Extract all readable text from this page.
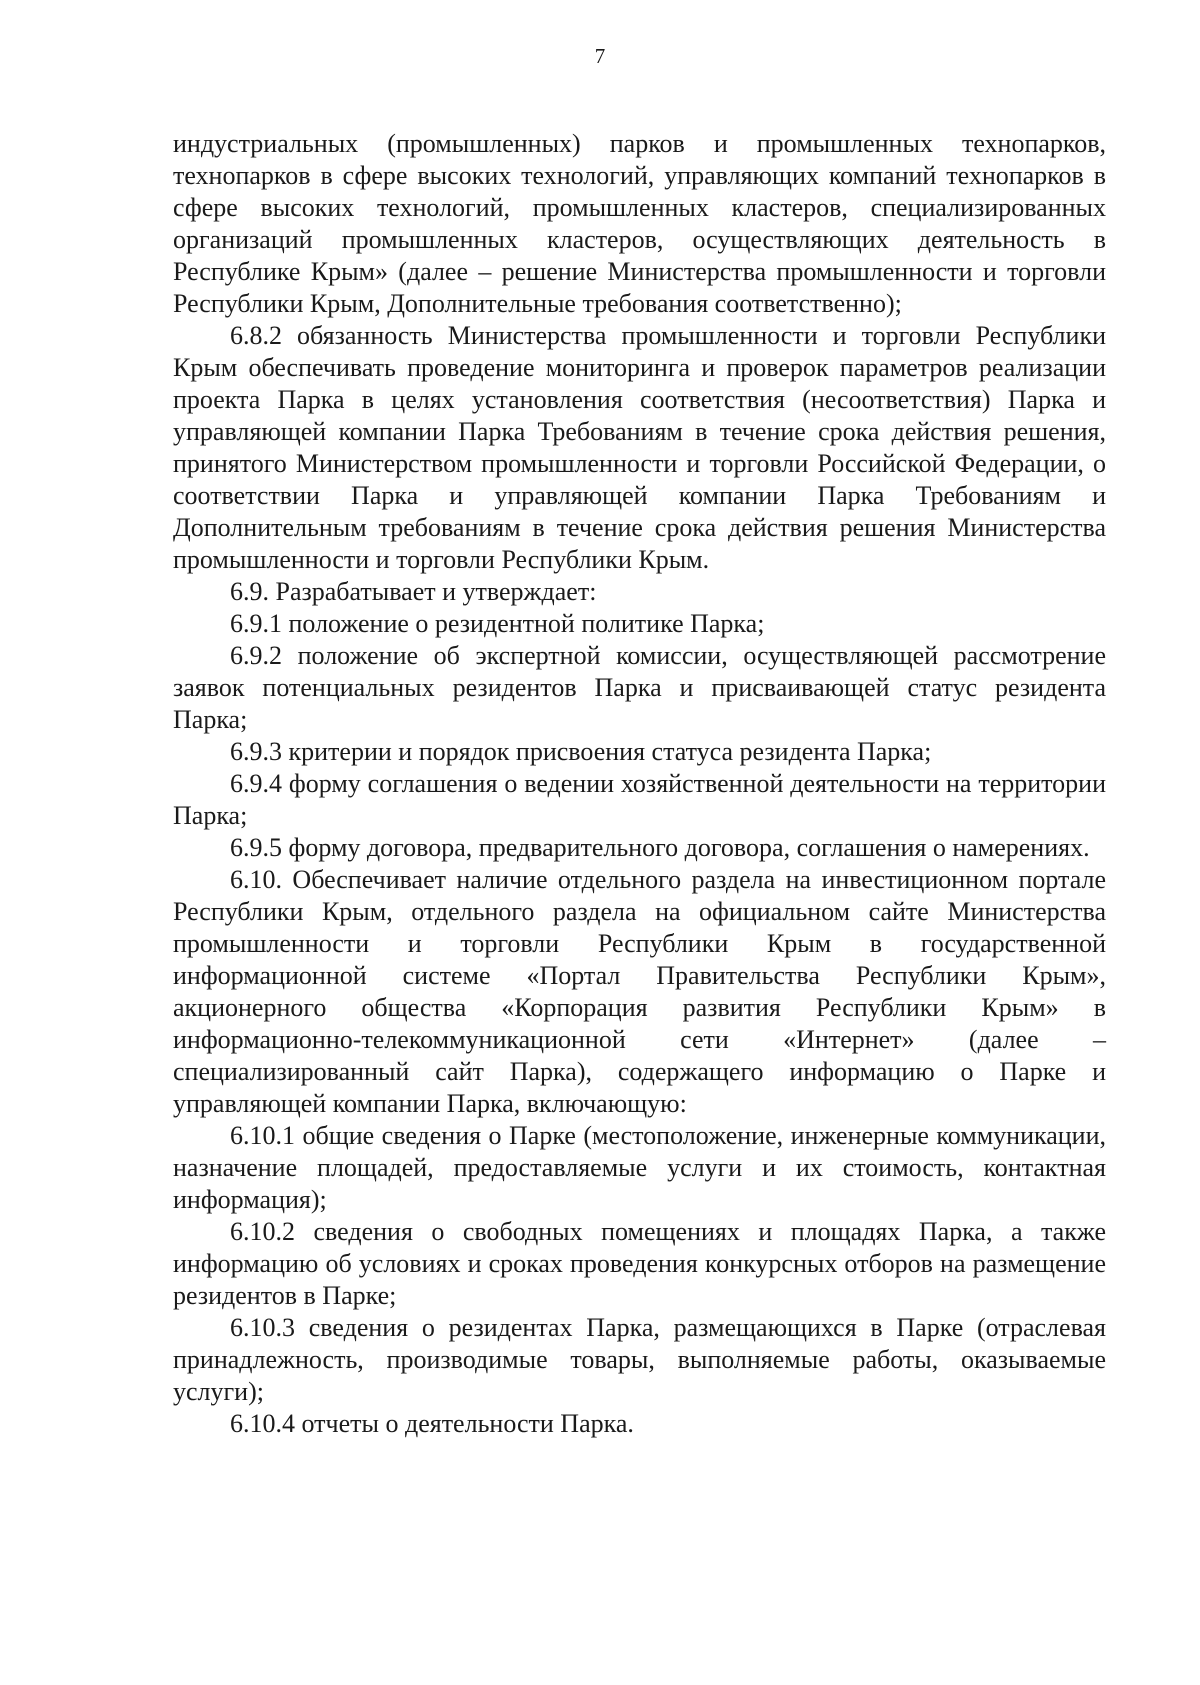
7

индустриальных (промышленных) парков и промышленных технопарков, технопарков в сфере высоких технологий, управляющих компаний технопарков в сфере высоких технологий, промышленных кластеров, специализированных организаций промышленных кластеров, осуществляющих деятельность в Республике Крым» (далее – решение Министерства промышленности и торговли Республики Крым, Дополнительные требования соответственно);

6.8.2 обязанность Министерства промышленности и торговли Республики Крым обеспечивать проведение мониторинга и проверок параметров реализации проекта Парка в целях установления соответствия (несоответствия) Парка и управляющей компании Парка Требованиям в течение срока действия решения, принятого Министерством промышленности и торговли Российской Федерации, о соответствии Парка и управляющей компании Парка Требованиям и Дополнительным требованиям в течение срока действия решения Министерства промышленности и торговли Республики Крым.

6.9. Разрабатывает и утверждает:

6.9.1 положение о резидентной политике Парка;

6.9.2 положение об экспертной комиссии, осуществляющей рассмотрение заявок потенциальных резидентов Парка и присваивающей статус резидента Парка;

6.9.3 критерии и порядок присвоения статуса резидента Парка;

6.9.4 форму соглашения о ведении хозяйственной деятельности на территории Парка;

6.9.5 форму договора, предварительного договора, соглашения о намерениях.

6.10. Обеспечивает наличие отдельного раздела на инвестиционном портале Республики Крым, отдельного раздела на официальном сайте Министерства промышленности и торговли Республики Крым в государственной информационной системе «Портал Правительства Республики Крым», акционерного общества «Корпорация развития Республики Крым» в информационно-телекоммуникационной сети «Интернет» (далее – специализированный сайт Парка), содержащего информацию о Парке и управляющей компании Парка, включающую:

6.10.1 общие сведения о Парке (местоположение, инженерные коммуникации, назначение площадей, предоставляемые услуги и их стоимость, контактная информация);

6.10.2 сведения о свободных помещениях и площадях Парка, а также информацию об условиях и сроках проведения конкурсных отборов на размещение резидентов в Парке;

6.10.3 сведения о резидентах Парка, размещающихся в Парке (отраслевая принадлежность, производимые товары, выполняемые работы, оказываемые услуги);

6.10.4 отчеты о деятельности Парка.
